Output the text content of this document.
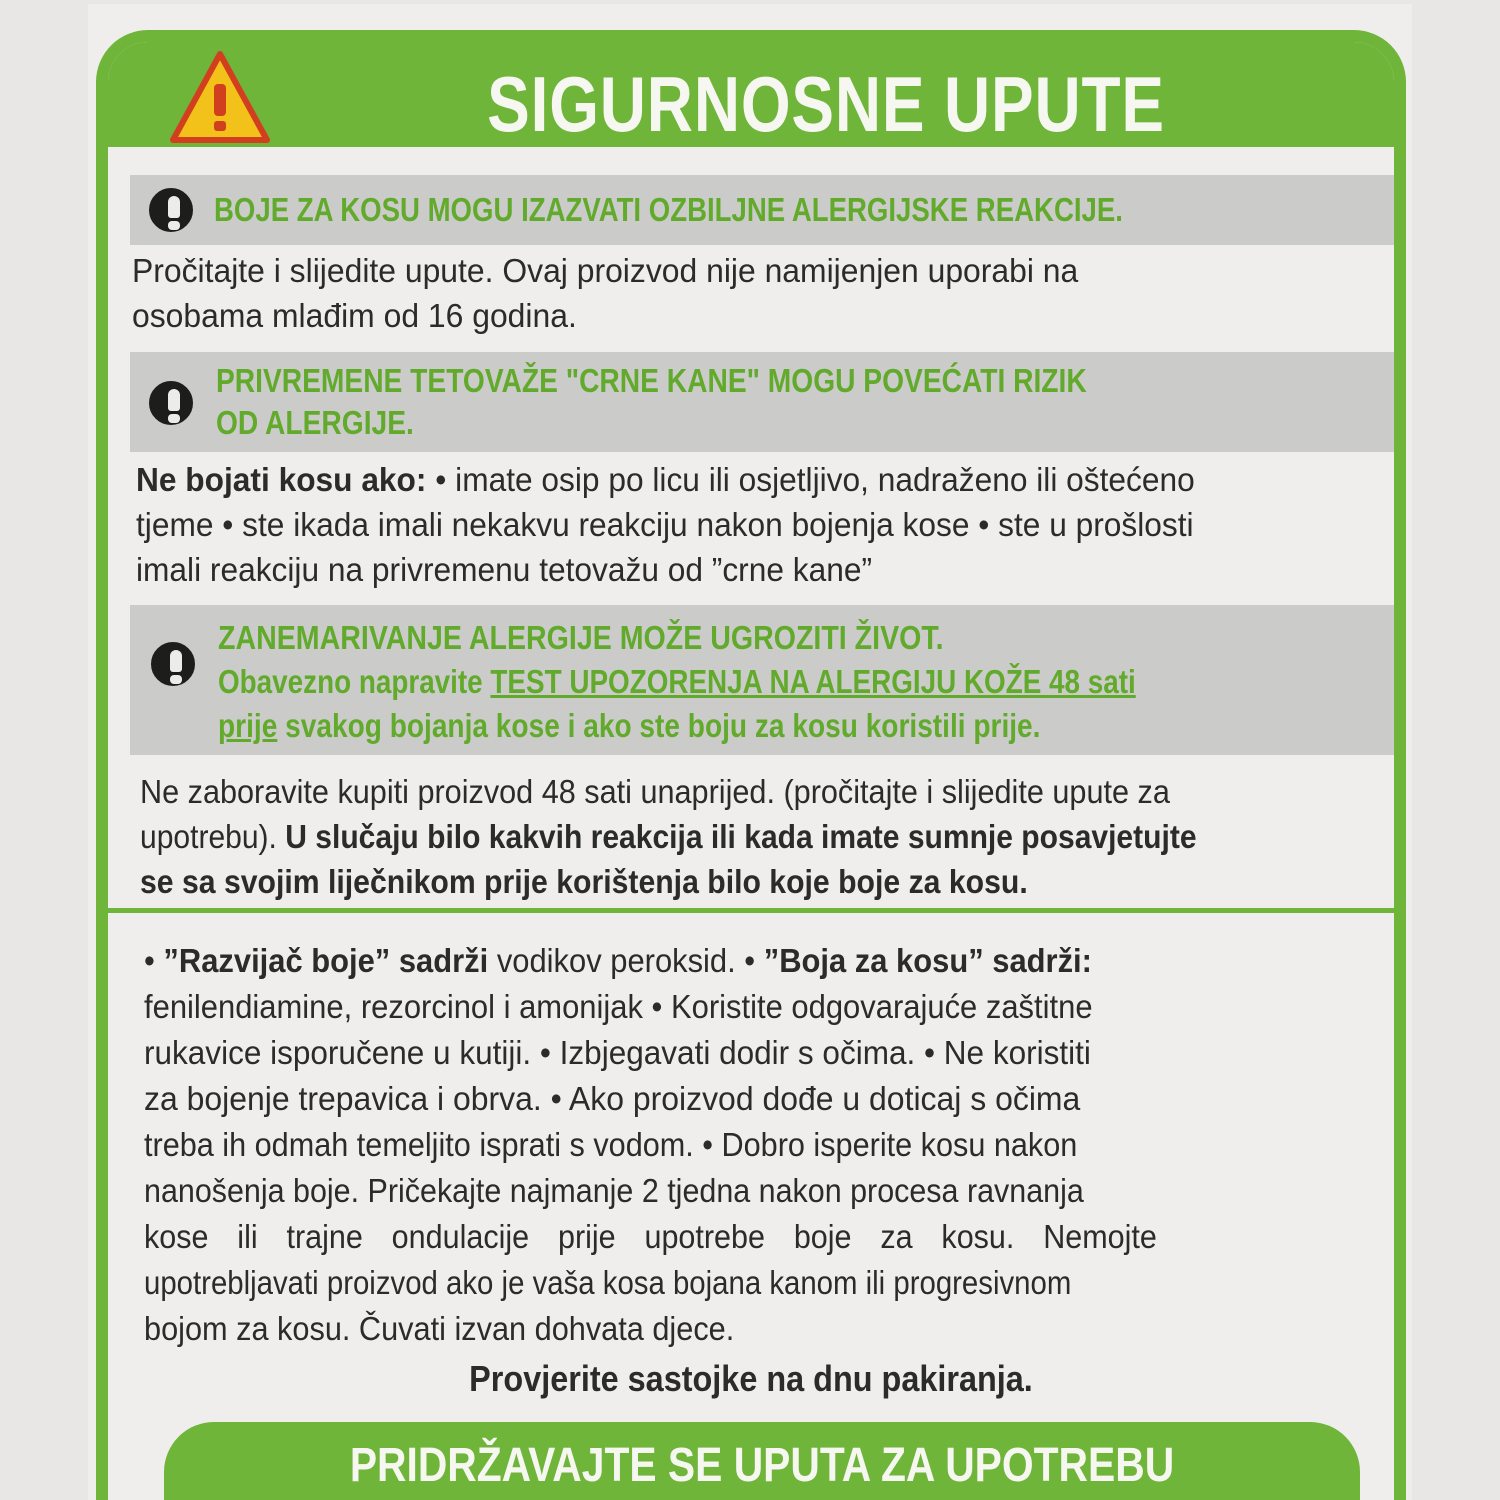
SIGURNOSNE UPUTE
BOJE ZA KOSU MOGU IZAZVATI OZBILJNE ALERGIJSKE REAKCIJE.
Pročitajte i slijedite upute. Ovaj proizvod nije namijenjen uporabi na
osobama mlađim od 16 godina.
PRIVREMENE TETOVAŽE "CRNE KANE" MOGU POVEĆATI RIZIK
OD ALERGIJE.
Ne bojati kosu ako: • imate osip po licu ili osjetljivo, nadraženo ili oštećeno
tjeme • ste ikada imali nekakvu reakciju nakon bojenja kose • ste u prošlosti
imali reakciju na privremenu tetovažu od ”crne kane”
ZANEMARIVANJE ALERGIJE MOŽE UGROZITI ŽIVOT.
Obavezno napravite TEST UPOZORENJA NA ALERGIJU KOŽE 48 sati
prije svakog bojanja kose i ako ste boju za kosu koristili prije.
Ne zaboravite kupiti proizvod 48 sati unaprijed. (pročitajte i slijedite upute za
upotrebu). U slučaju bilo kakvih reakcija ili kada imate sumnje posavjetujte
se sa svojim liječnikom prije korištenja bilo koje boje za kosu.
• ”Razvijač boje” sadrži vodikov peroksid. • ”Boja za kosu” sadrži:
fenilendiamine, rezorcinol i amonijak • Koristite odgovarajuće zaštitne
rukavice isporučene u kutiji. • Izbjegavati dodir s očima. • Ne koristiti
za bojenje trepavica i obrva. • Ako proizvod dođe u doticaj s očima
treba ih odmah temeljito isprati s vodom. • Dobro isperite kosu nakon
nanošenja boje. Pričekajte najmanje 2 tjedna nakon procesa ravnanja
kose ili trajne ondulacije prije upotrebe boje za kosu. Nemojte
upotrebljavati proizvod ako je vaša kosa bojana kanom ili progresivnom
bojom za kosu. Čuvati izvan dohvata djece.
Provjerite sastojke na dnu pakiranja.
PRIDRŽAVAJTE SE UPUTA ZA UPOTREBU
